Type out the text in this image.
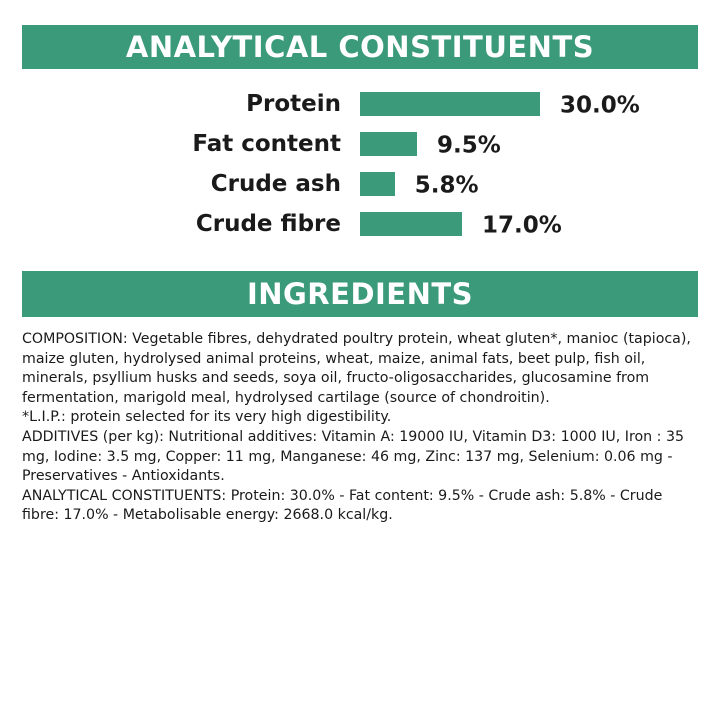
ANALYTICAL CONSTITUENTS
Protein	30.0%
Fat content	9.5%
Crude ash	5.8%
Crude fibre	17.0%
INGREDIENTS

COMPOSITION: Vegetable fibres, dehydrated poultry protein, wheat gluten*, manioc (tapioca), maize gluten, hydrolysed animal proteins, wheat, maize, animal fats, beet pulp, fish oil, minerals, psyllium husks and seeds, soya oil, fructo-oligosaccharides, glucosamine from fermentation, marigold meal, hydrolysed cartilage (source of chondroitin).

*L.I.P.: protein selected for its very high digestibility.

ADDITIVES (per kg): Nutritional additives: Vitamin A: 19000 IU, Vitamin D3: 1000 IU, Iron : 35 mg, Iodine: 3.5 mg, Copper: 11 mg, Manganese: 46 mg, Zinc: 137 mg, Selenium: 0.06 mg - Preservatives - Antioxidants.

ANALYTICAL CONSTITUENTS: Protein: 30.0% - Fat content: 9.5% - Crude ash: 5.8% - Crude fibre: 17.0% - Metabolisable energy: 2668.0 kcal/kg.
